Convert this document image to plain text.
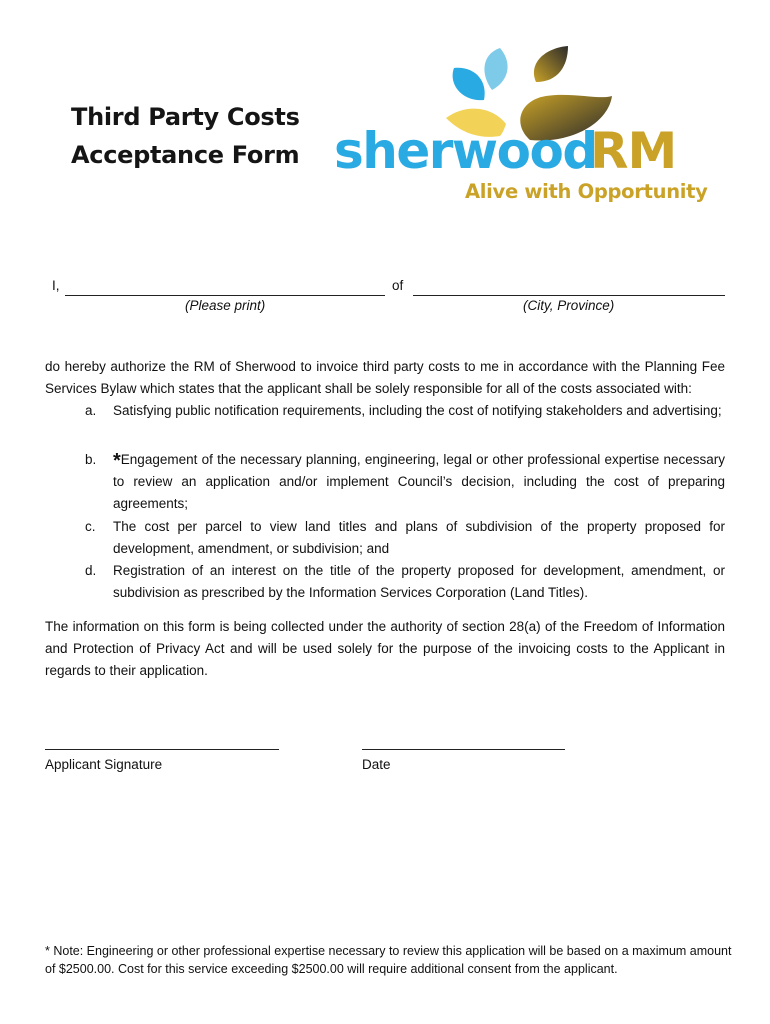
Third Party Costs
Acceptance Form sherwood
RM
Alive with Opportunity
I,
(Please print)
of
(City, Province)
do hereby authorize the RM of Sherwood to invoice third party costs to me in accordance with the Planning Fee Services Bylaw which states that the applicant shall be solely responsible for all of the costs associated with:
a.	Satisfying public notification requirements, including the cost of notifying stakeholders and advertising;
b. *Engagement of the necessary planning, engineering, legal or other professional expertise necessary to review an application and/or implement Council’s decision, including the cost of preparing agreements;
c.	The cost per parcel to view land titles and plans of subdivision of the property proposed for development, amendment, or subdivision; and
d.	Registration of an interest on the title of the property proposed for development, amendment, or subdivision as prescribed by the Information Services Corporation (Land Titles).
The information on this form is being collected under the authority of section 28(a) of the Freedom of Information and Protection of Privacy Act and will be used solely for the purpose of the invoicing costs to the Applicant in regards to their application.
Applicant Signature	Date
* Note: Engineering or other professional expertise necessary to review this application will be based on a maximum amount of $2500.00. Cost for this service exceeding $2500.00 will require additional consent from the applicant.
